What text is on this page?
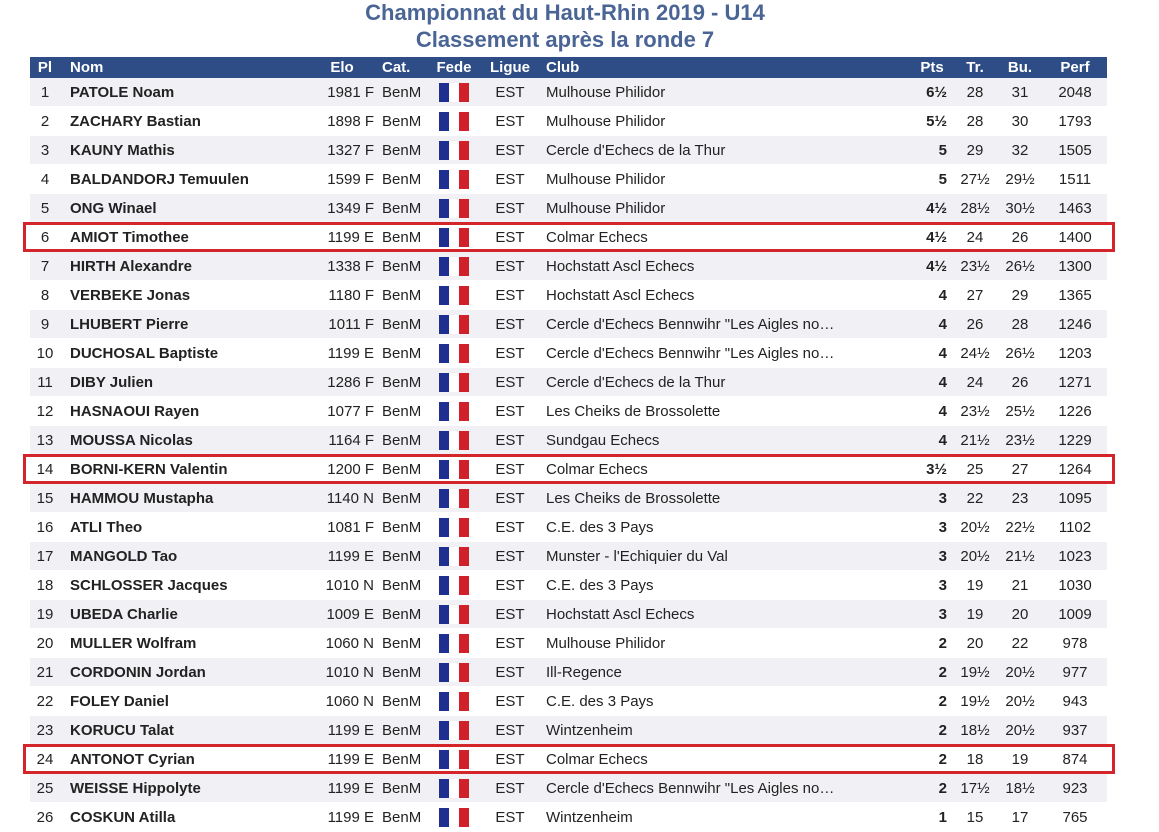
Championnat du Haut-Rhin 2019 - U14
Classement après la ronde 7
Pl	Nom	Elo	Cat.	Fede	Ligue	Club	Pts	Tr.	Bu.	Perf
1	PATOLE Noam	1981 F	BenM		EST	Mulhouse Philidor	6½	28	31	2048
2	ZACHARY Bastian	1898 F	BenM		EST	Mulhouse Philidor	5½	28	30	1793
3	KAUNY Mathis	1327 F	BenM		EST	Cercle d'Echecs de la Thur	5	29	32	1505
4	BALDANDORJ Temuulen	1599 F	BenM		EST	Mulhouse Philidor	5	27½	29½	1511
5	ONG Winael	1349 F	BenM		EST	Mulhouse Philidor	4½	28½	30½	1463
6	AMIOT Timothee	1199 E	BenM		EST	Colmar Echecs	4½	24	26	1400
7	HIRTH Alexandre	1338 F	BenM		EST	Hochstatt Ascl Echecs	4½	23½	26½	1300
8	VERBEKE Jonas	1180 F	BenM		EST	Hochstatt Ascl Echecs	4	27	29	1365
9	LHUBERT Pierre	1011 F	BenM		EST	Cercle d'Echecs Bennwihr "Les Aigles no…	4	26	28	1246
10	DUCHOSAL Baptiste	1199 E	BenM		EST	Cercle d'Echecs Bennwihr "Les Aigles no…	4	24½	26½	1203
11	DIBY Julien	1286 F	BenM		EST	Cercle d'Echecs de la Thur	4	24	26	1271
12	HASNAOUI Rayen	1077 F	BenM		EST	Les Cheiks de Brossolette	4	23½	25½	1226
13	MOUSSA Nicolas	1164 F	BenM		EST	Sundgau Echecs	4	21½	23½	1229
14	BORNI-KERN Valentin	1200 F	BenM		EST	Colmar Echecs	3½	25	27	1264
15	HAMMOU Mustapha	1140 N	BenM		EST	Les Cheiks de Brossolette	3	22	23	1095
16	ATLI Theo	1081 F	BenM		EST	C.E. des 3 Pays	3	20½	22½	1102
17	MANGOLD Tao	1199 E	BenM		EST	Munster - l'Echiquier du Val	3	20½	21½	1023
18	SCHLOSSER Jacques	1010 N	BenM		EST	C.E. des 3 Pays	3	19	21	1030
19	UBEDA Charlie	1009 E	BenM		EST	Hochstatt Ascl Echecs	3	19	20	1009
20	MULLER Wolfram	1060 N	BenM		EST	Mulhouse Philidor	2	20	22	978
21	CORDONIN Jordan	1010 N	BenM		EST	Ill-Regence	2	19½	20½	977
22	FOLEY Daniel	1060 N	BenM		EST	C.E. des 3 Pays	2	19½	20½	943
23	KORUCU Talat	1199 E	BenM		EST	Wintzenheim	2	18½	20½	937
24	ANTONOT Cyrian	1199 E	BenM		EST	Colmar Echecs	2	18	19	874
25	WEISSE Hippolyte	1199 E	BenM		EST	Cercle d'Echecs Bennwihr "Les Aigles no…	2	17½	18½	923
26	COSKUN Atilla	1199 E	BenM		EST	Wintzenheim	1	15	17	765
